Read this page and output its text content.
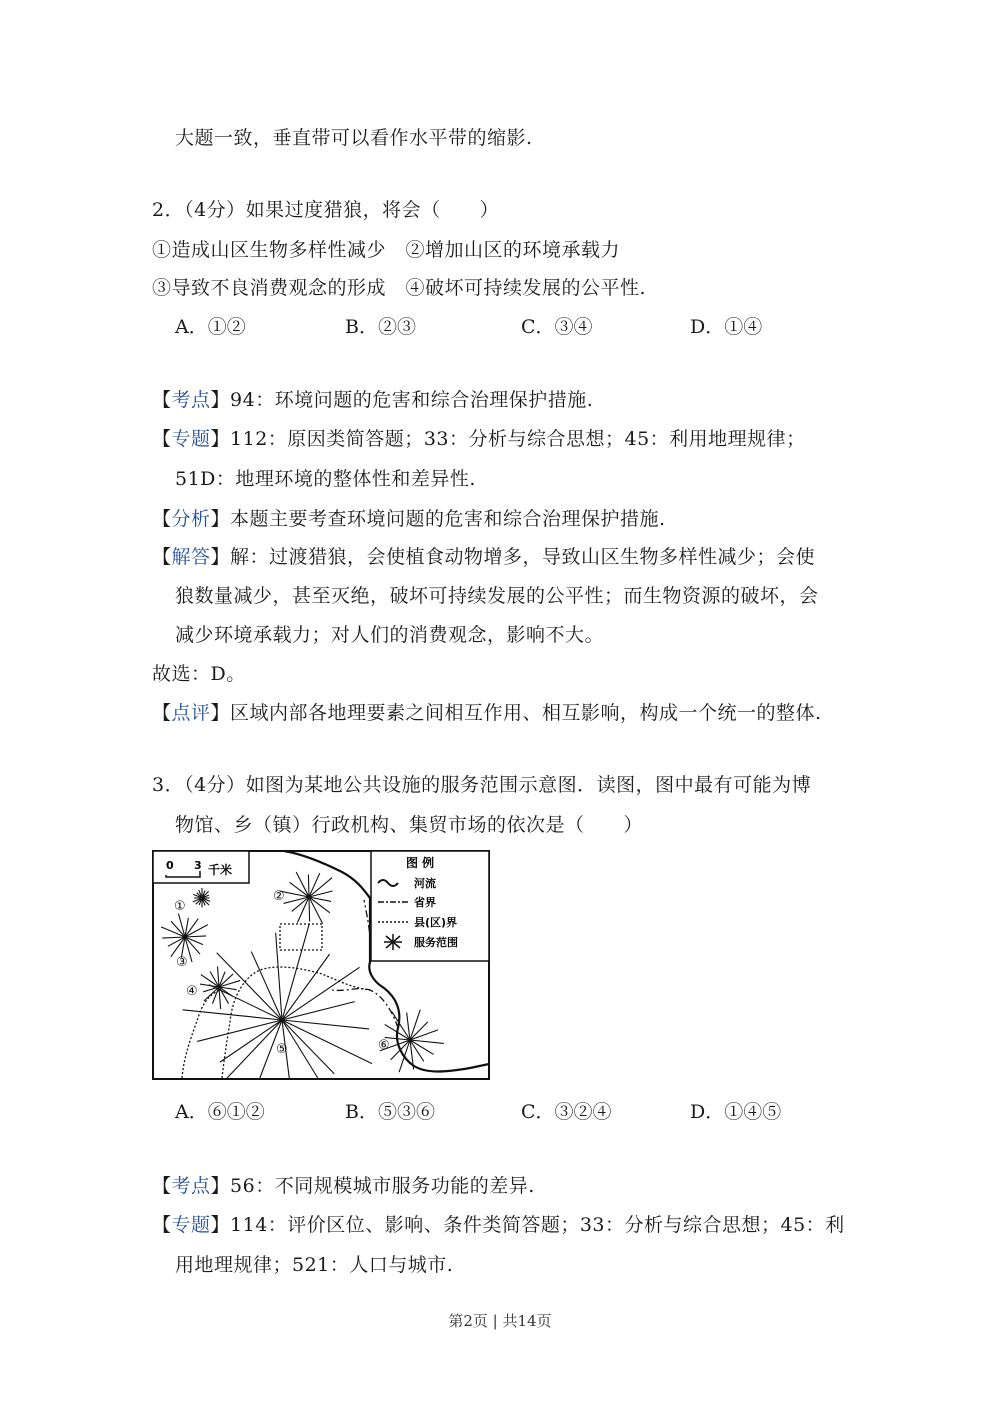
大题一致，垂直带可以看作水平带的缩影.
2．（4分）如果过度猎狼，将会（　　）
①造成山区生物多样性减少　②增加山区的环境承载力
③导致不良消费观念的形成　④破坏可持续发展的公平性.
A．①②	B．②③	C．③④	D．①④
【考点】94：环境问题的危害和综合治理保护措施.
【专题】112：原因类简答题；33：分析与综合思想；45：利用地理规律；
51D：地理环境的整体性和差异性.
【分析】本题主要考查环境问题的危害和综合治理保护措施.
【解答】解：过渡猎狼，会使植食动物增多，导致山区生物多样性减少；会使
狼数量减少，甚至灭绝，破坏可持续发展的公平性；而生物资源的破坏，会
减少环境承载力；对人们的消费观念，影响不大。
故选：D。
【点评】区域内部各地理要素之间相互作用、相互影响，构成一个统一的整体.
3．（4分）如图为某地公共设施的服务范围示意图．读图，图中最有可能为博
物馆、乡（镇）行政机构、集贸市场的依次是（　　）
0 3 千米	图 例
河流
省界
县(区)界
服务范围
①
②
③
④
⑤	⑥
A．⑥①②	B．⑤③⑥	C．③②④	D．①④⑤
【考点】56：不同规模城市服务功能的差异.
【专题】114：评价区位、影响、条件类简答题；33：分析与综合思想；45：利
用地理规律；521：人口与城市.
第2页 | 共14页
